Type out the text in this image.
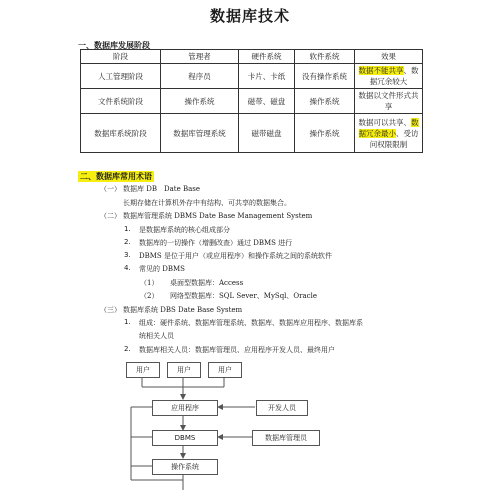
数据库技术
一、数据库发展阶段
阶段	管理者	硬件系统	软件系统	效果
人工管理阶段	程序员	卡片、卡纸	没有操作系统	数据不能共享、数据冗余较大
文件系统阶段	操作系统	磁带、磁盘	操作系统	数据以文件形式共享
数据库系统阶段	数据库管理系统	磁带磁盘	操作系统	数据可以共享、数据冗余最小、受访问权限限制
二、数据库常用术语
（一） 数据库 DB　Date Base
长期存储在计算机外存中有结构、可共享的数据集合。
（二） 数据库管理系统 DBMS Date Base Management System
1. 是数据库系统的核心组成部分
2. 数据库的一切操作（增删改查）通过 DBMS 进行
3. DBMS 是位于用户（或应用程序）和操作系统之间的系统软件
4. 常见的 DBMS
（1） 桌面型数据库：Access
（2） 网络型数据库：SQL Sever、MySql、Oracle
（三） 数据库系统 DBS Date Base System
1. 组成：硬件系统、数据库管理系统、数据库、数据库应用程序、数据库系
统相关人员
2. 数据库相关人员：数据库管理员、应用程序开发人员、最终用户
用户	用户	用户
应用程序	开发人员
DBMS	数据库管理员
操作系统
